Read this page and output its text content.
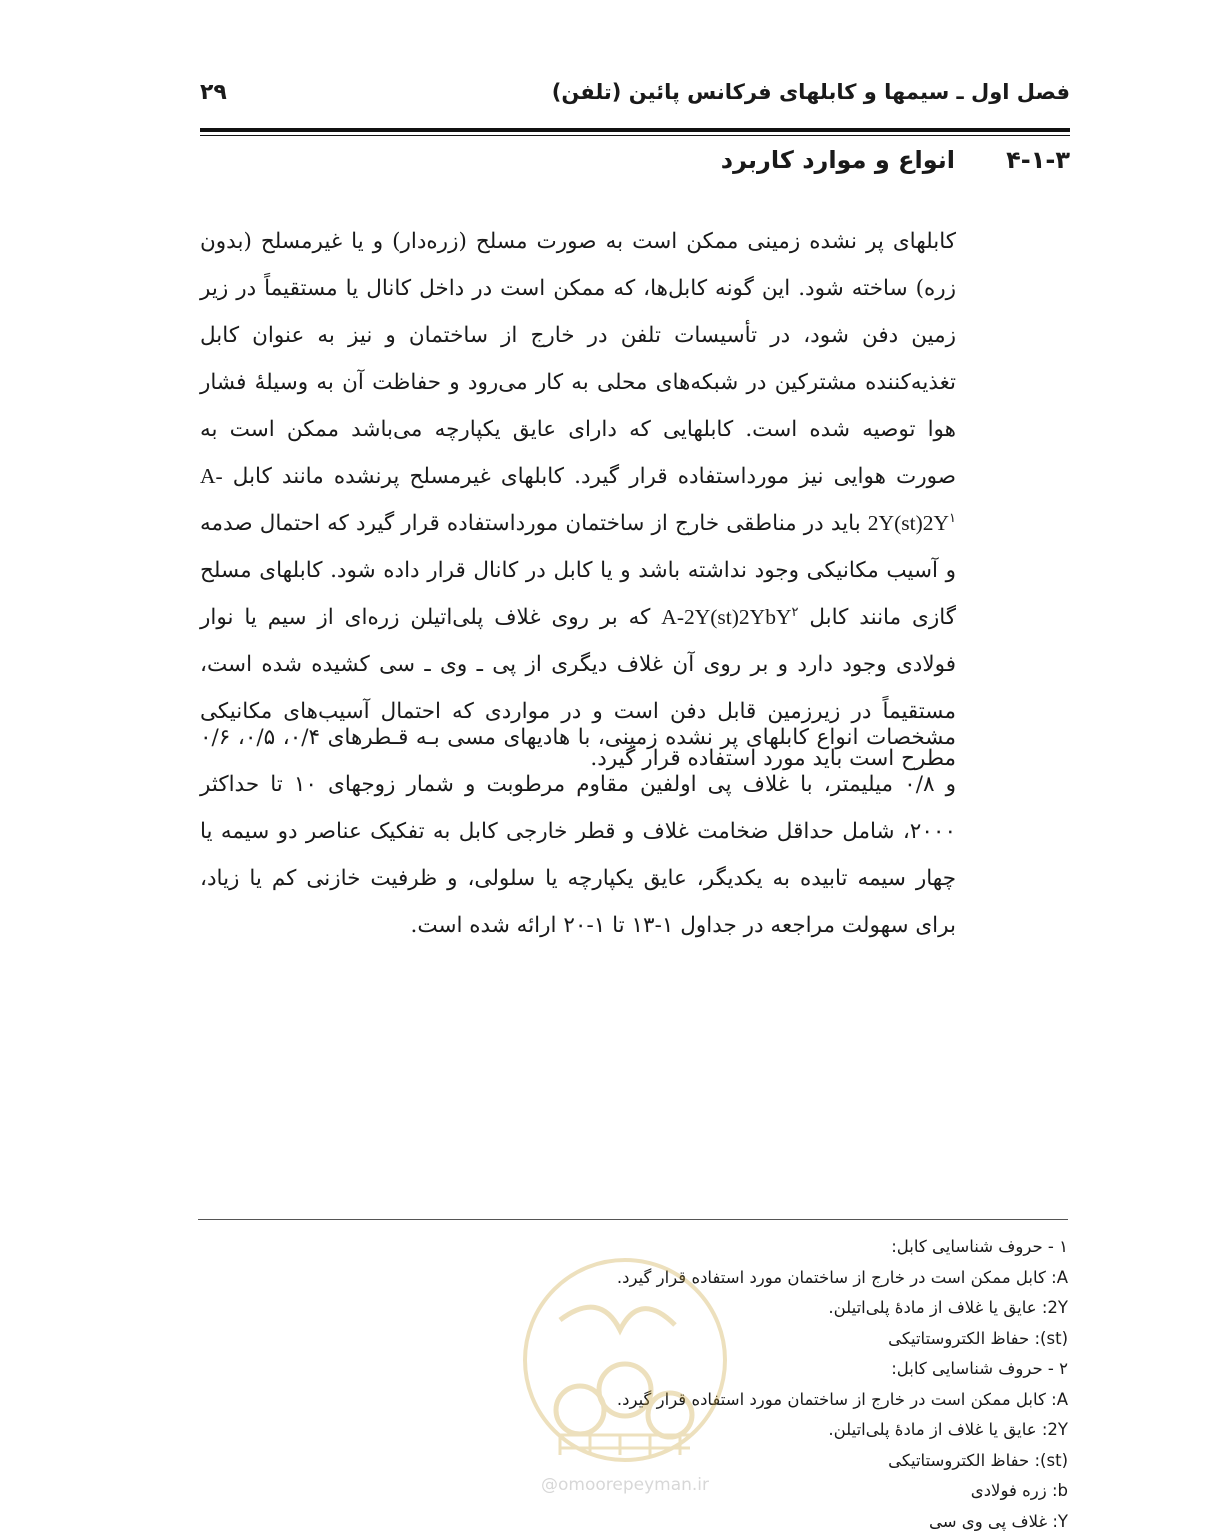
فصل اول ـ سیمها و کابلهای فرکانس پائین (تلفن)
۲۹
۴-۱-۳
انواع و موارد کاربرد

کابلهای پر نشده زمینی ممکن است به صورت مسلح (زره‌دار) و یا غیرمسلح (بدون زره) ساخته شود. این گونه کابل‌ها، که ممکن است در داخل کانال یا مستقیماً در زیر زمین دفن شود، در تأسیسات تلفن در خارج از ساختمان و نیز به عنوان کابل تغذیه‌کننده مشترکین در شبکه‌های محلی به کار می‌رود و حفاظت آن به وسیلهٔ فشار هوا توصیه شده است. کابلهایی که دارای عایق یکپارچه می‌باشد ممکن است به صورت هوایی نیز مورداستفاده قرار گیرد. کابلهای غیرمسلح پرنشده مانند کابل $A-2Y(st)2Y^۱$ باید در مناطقی خارج از ساختمان مورداستفاده قرار گیرد که احتمال صدمه و آسیب مکانیکی وجود نداشته باشد و یا کابل در کانال قرار داده شود. کابلهای مسلح گازی مانند کابل A-2Y(st)2YbY$^۲$ که بر روی غلاف پلی‌اتیلن زره‌ای از سیم یا نوار فولادی وجود دارد و بر روی آن غلاف دیگری از پی ـ وی ـ سی کشیده شده است، مستقیماً در زیرزمین قابل دفن است و در مواردی که احتمال آسیب‌های مکانیکی مطرح است باید مورد استفاده قرار گیرد.

مشخصات انواع کابلهای پر نشده زمینی، با هادیهای مسی بـه قـطرهای ۰/۴، ۰/۵، ۰/۶ و ۰/۸ میلیمتر، با غلاف پی اولفین مقاوم مرطوبت و شمار زوجهای ۱۰ تا حداکثر ۲۰۰۰، شامل حداقل ضخامت غلاف و قطر خارجی کابل به تفکیک عناصر دو سیمه یا چهار سیمه تابیده به یکدیگر، عایق یکپارچه یا سلولی، و ظرفیت خازنی کم یا زیاد، برای سهولت مراجعه در جداول ۱-۱۳ تا ۱-۲۰ ارائه شده است.

۱ - حروف شناسایی کابل:
A: کابل ممکن است در خارج از ساختمان مورد استفاده قرار گیرد.
2Y: عایق یا غلاف از مادهٔ پلی‌اتیلن.
(st): حفاظ الکتروستاتیکی
۲ - حروف شناسایی کابل:
A: کابل ممکن است در خارج از ساختمان مورد استفاده قرار گیرد.
2Y: عایق یا غلاف از مادهٔ پلی‌اتیلن.
(st): حفاظ الکتروستاتیکی
b: زره فولادی
Y: غلاف پی وی سی
@omoorepeyman.ir
